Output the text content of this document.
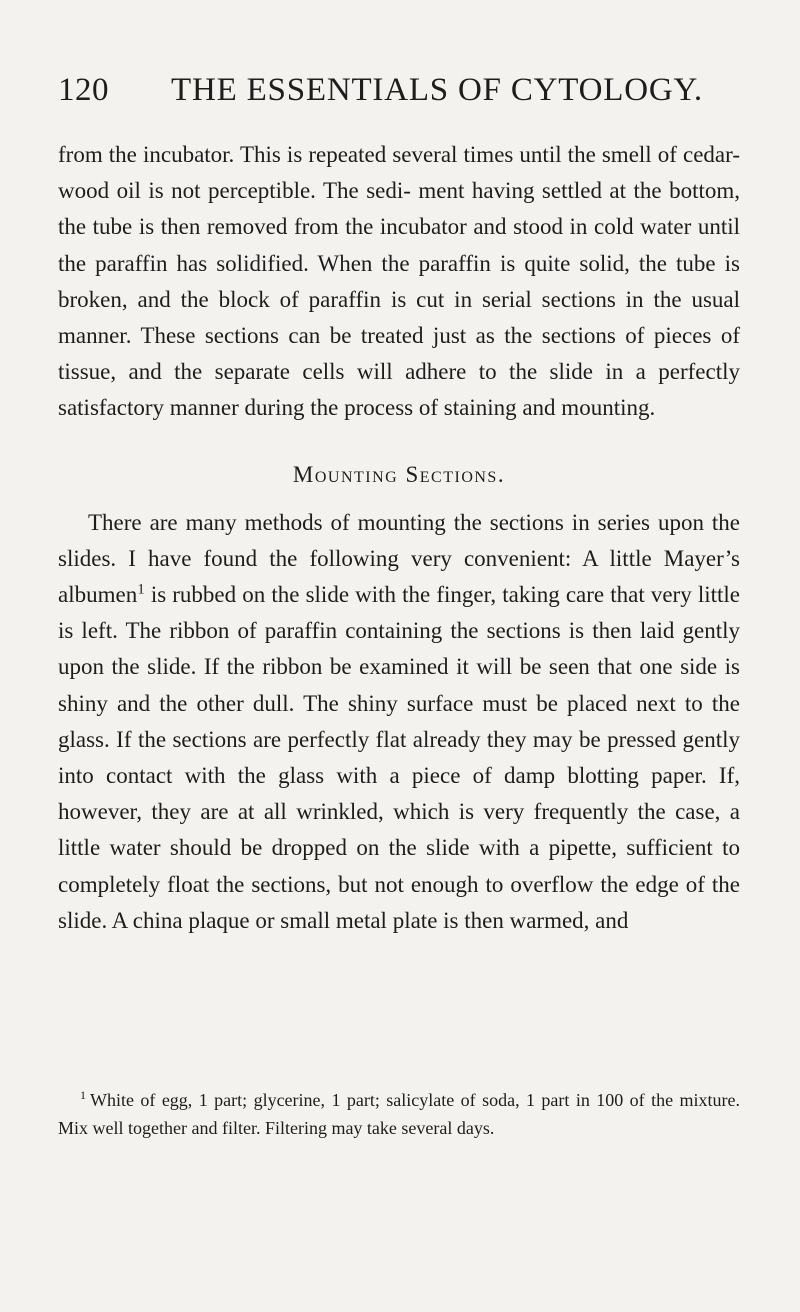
120 THE ESSENTIALS OF CYTOLOGY.

from the incubator. This is repeated several times until the smell of cedar-wood oil is not perceptible. The sedi- ment having settled at the bottom, the tube is then removed from the incubator and stood in cold water until the paraffin has solidified. When the paraffin is quite solid, the tube is broken, and the block of paraffin is cut in serial sections in the usual manner. These sections can be treated just as the sections of pieces of tissue, and the separate cells will adhere to the slide in a perfectly satisfactory manner during the process of staining and mounting.

Mounting Sections.

There are many methods of mounting the sections in series upon the slides. I have found the following very convenient: A little Mayer’s albumen$^1$ is rubbed on the slide with the finger, taking care that very little is left. The ribbon of paraffin containing the sections is then laid gently upon the slide. If the ribbon be examined it will be seen that one side is shiny and the other dull. The shiny surface must be placed next to the glass. If the sections are perfectly flat already they may be pressed gently into contact with the glass with a piece of damp blotting paper. If, however, they are at all wrinkled, which is very frequently the case, a little water should be dropped on the slide with a pipette, sufficient to completely float the sections, but not enough to overflow the edge of the slide. A china plaque or small metal plate is then warmed, and

$^1$ White of egg, 1 part; glycerine, 1 part; salicylate of soda, 1 part in 100 of the mixture. Mix well together and filter. Filtering may take several days.
